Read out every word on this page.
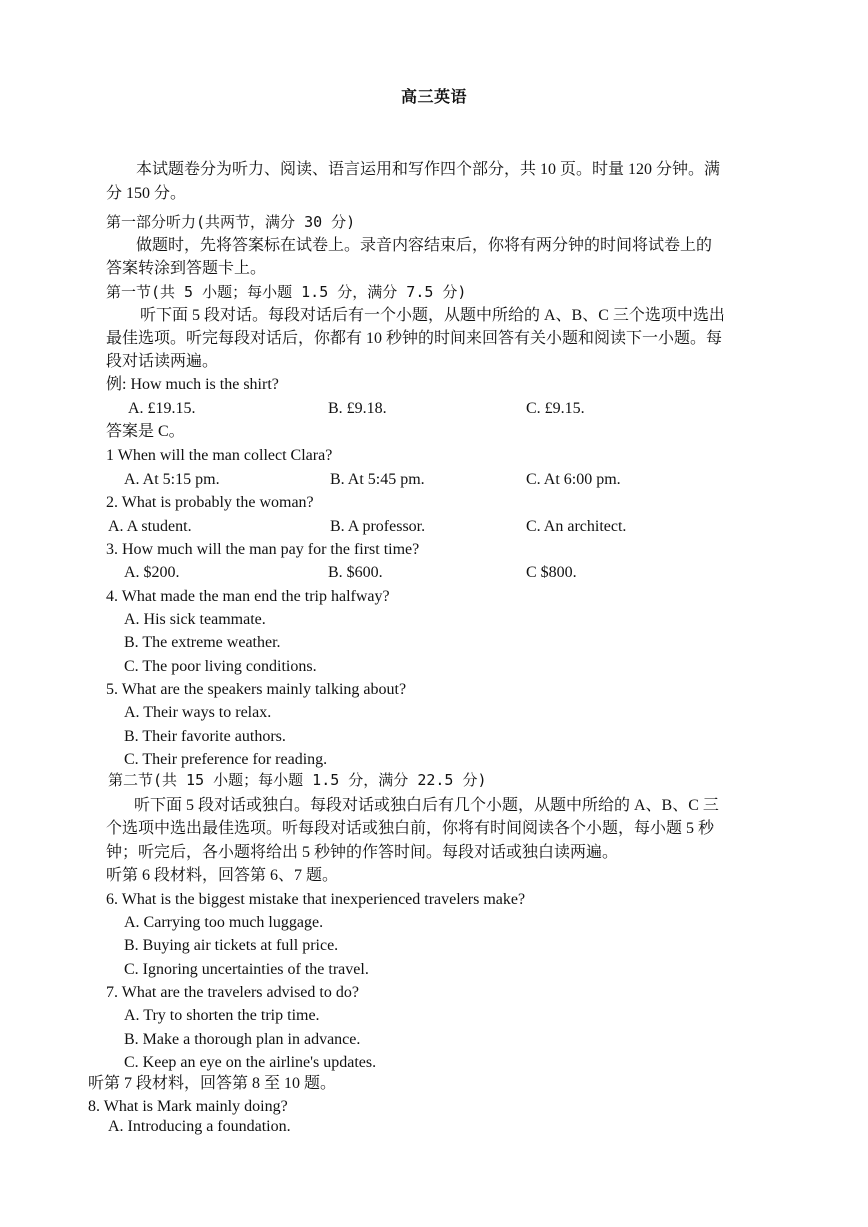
高三英语
本试题卷分为听力、阅读、语言运用和写作四个部分，共 10 页。时量 120 分钟。满
分 150 分。
第一部分听力(共两节，满分 30 分)
做题时，先将答案标在试卷上。录音内容结束后，你将有两分钟的时间将试卷上的
答案转涂到答题卡上。
第一节(共 5 小题；每小题 1.5 分，满分 7.5 分)
听下面 5 段对话。每段对话后有一个小题，从题中所给的 A、B、C 三个选项中选出
最佳选项。听完每段对话后，你都有 10 秒钟的时间来回答有关小题和阅读下一小题。每
段对话读两遍。
例: How much is the shirt?
A. £19.15.	B. £9.18.	C. £9.15.
答案是 C。
1 When will the man collect Clara?
A. At 5:15 pm.	B. At 5:45 pm.	C. At 6:00 pm.
2. What is probably the woman?
A. A student.	B. A professor.	C. An architect.
3. How much will the man pay for the first time?
A. $200.	B. $600.	C $800.
4. What made the man end the trip halfway?
A. His sick teammate.
B. The extreme weather.
C. The poor living conditions.
5. What are the speakers mainly talking about?
A. Their ways to relax.
B. Their favorite authors.
C. Their preference for reading.
第二节(共 15 小题；每小题 1.5 分，满分 22.5 分)
听下面 5 段对话或独白。每段对话或独白后有几个小题，从题中所给的 A、B、C 三
个选项中选出最佳选项。听每段对话或独白前，你将有时间阅读各个小题，每小题 5 秒
钟；听完后，各小题将给出 5 秒钟的作答时间。每段对话或独白读两遍。
听第 6 段材料，回答第 6、7 题。
6. What is the biggest mistake that inexperienced travelers make?
A. Carrying too much luggage.
B. Buying air tickets at full price.
C. Ignoring uncertainties of the travel.
7. What are the travelers advised to do?
A. Try to shorten the trip time.
B. Make a thorough plan in advance.
C. Keep an eye on the airline's updates.
听第 7 段材料，回答第 8 至 10 题。
8. What is Mark mainly doing?
A. Introducing a foundation.
